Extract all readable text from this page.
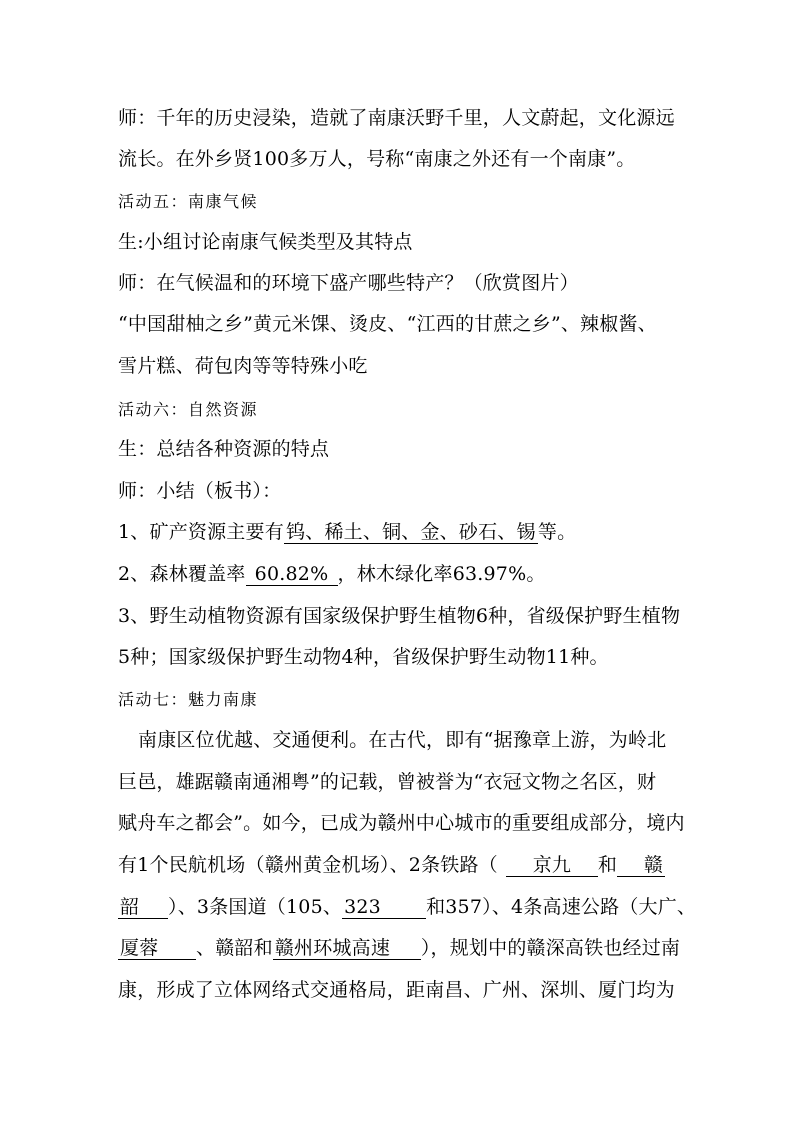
师：千年的历史浸染，造就了南康沃野千里，人文蔚起，文化源远
流长。在外乡贤100多万人，号称“南康之外还有一个南康”。
活动五：南康气候
生:小组讨论南康气候类型及其特点
师：在气候温和的环境下盛产哪些特产？（欣赏图片）
“中国甜柚之乡”黄元米馃、烫皮、“江西的甘蔗之乡”、辣椒酱、
雪片糕、荷包肉等等特殊小吃
活动六：自然资源
生：总结各种资源的特点
师：小结（板书）：
1、矿产资源主要有 钨、稀土、铜、金、砂石、锡 等。
2、森林覆盖率 60.82% ，林木绿化率63.97%。
3、野生动植物资源有国家级保护野生植物6种，省级保护野生植物
5种；国家级保护野生动物4种，省级保护野生动物11种。
活动七：魅力南康
南康区位优越、交通便利。在古代，即有“据豫章上游，为岭北
巨邑，雄踞赣南通湘粤”的记载，曾被誉为“衣冠文物之名区，财
赋舟车之都会”。如今，已成为赣州中心城市的重要组成部分，境内
有1个民航机场（赣州黄金机场）、2条铁路（ 京九 和 赣
韶 ）、3条国道（105、 323 和357）、4条高速公路（大广、
厦蓉 、赣韶和 赣州环城高速 ），规划中的赣深高铁也经过南
康，形成了立体网络式交通格局，距南昌、广州、深圳、厦门均为
